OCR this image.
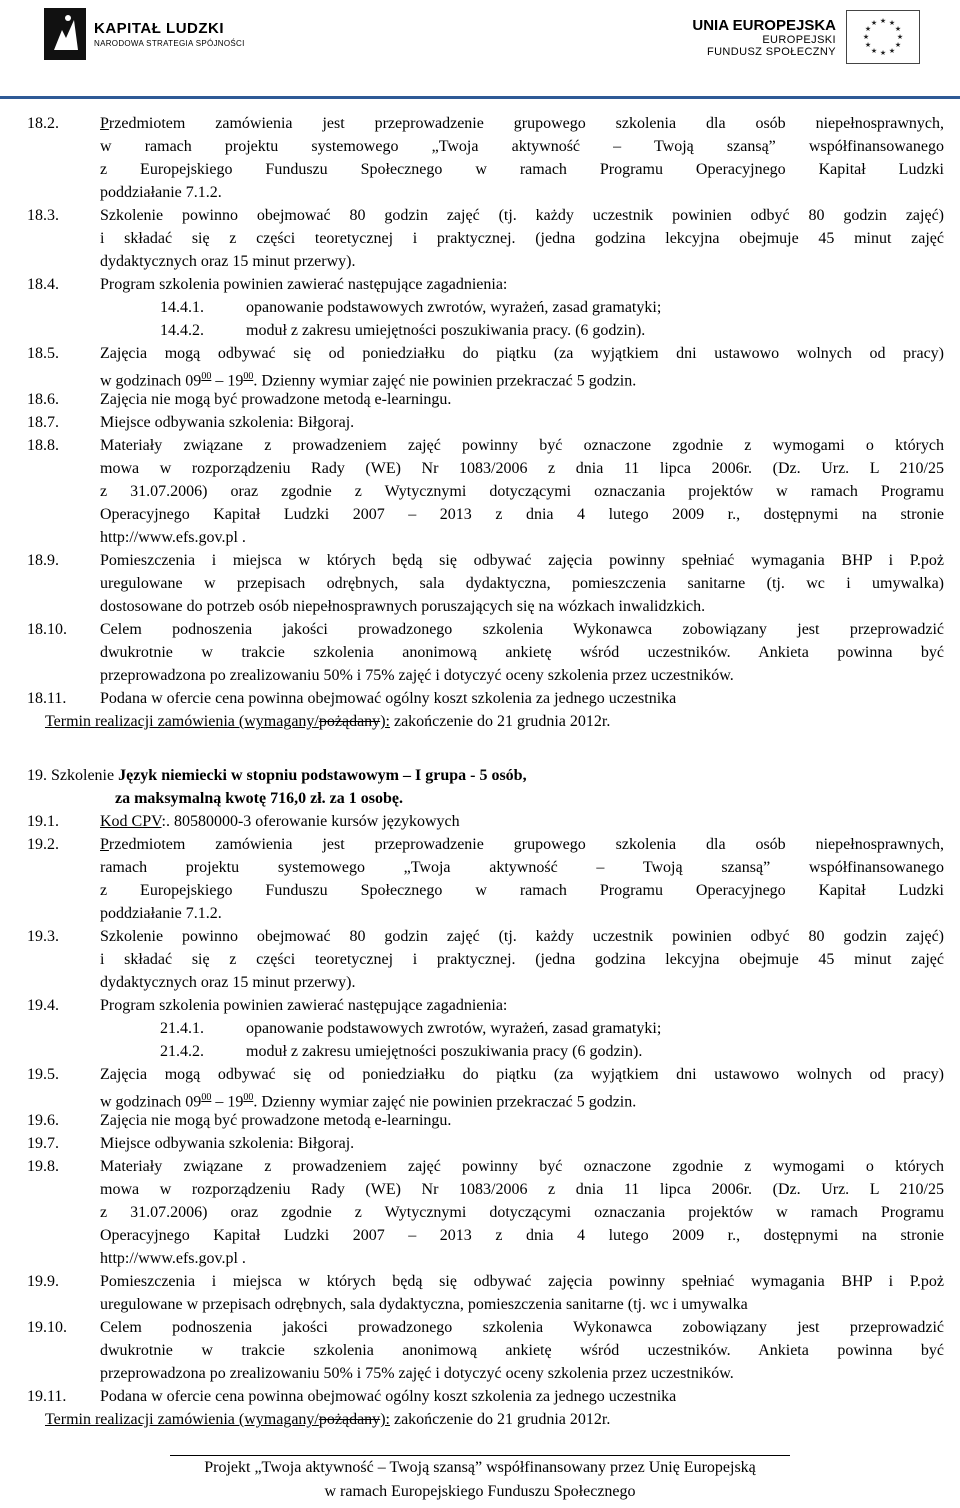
KAPITAŁ LUDZKI
NARODOWA STRATEGIA SPÓJNOŚCI
UNIA EUROPEJSKA
EUROPEJSKI
FUNDUSZ SPOŁECZNY
★ ★
★
★
★
★
★
★
★
★
★
★
18.2.	Przedmiotem zamówienia jest przeprowadzenie grupowego szkolenia dla osób niepełnosprawnych,
w ramach projektu systemowego „Twoja aktywność – Twoją szansą” współfinansowanego
z Europejskiego Funduszu Społecznego w ramach Programu Operacyjnego Kapitał Ludzki
poddziałanie 7.1.2.
18.3.	Szkolenie powinno obejmować 80 godzin zajęć (tj. każdy uczestnik powinien odbyć 80 godzin zajęć)
i składać się z części teoretycznej i praktycznej. (jedna godzina lekcyjna obejmuje 45 minut zajęć
dydaktycznych oraz 15 minut przerwy).
18.4.	Program szkolenia powinien zawierać następujące zagadnienia:
14.4.1.	opanowanie podstawowych zwrotów, wyrażeń, zasad gramatyki;
14.4.2.	moduł z zakresu umiejętności poszukiwania pracy. (6 godzin).
18.5.	Zajęcia mogą odbywać się od poniedziałku do piątku (za wyjątkiem dni ustawowo wolnych od pracy)
w godzinach $09^{00} - 19^{00}$. Dzienny wymiar zajęć nie powinien przekraczać 5 godzin.
18.6.	Zajęcia nie mogą być prowadzone metodą e-learningu.
18.7.	Miejsce odbywania szkolenia: Biłgoraj.
18.8.	Materiały związane z prowadzeniem zajęć powinny być oznaczone zgodnie z wymogami o których
mowa w rozporządzeniu Rady (WE) Nr 1083/2006 z dnia 11 lipca 2006r. (Dz. Urz. L 210/25
z 31.07.2006) oraz zgodnie z Wytycznymi dotyczącymi oznaczania projektów w ramach Programu
Operacyjnego Kapitał Ludzki 2007 – 2013 z dnia 4 lutego 2009 r., dostępnymi na stronie
http://www.efs.gov.pl .
18.9.	Pomieszczenia i miejsca w których będą się odbywać zajęcia powinny spełniać wymagania BHP i P.poż
uregulowane w przepisach odrębnych, sala dydaktyczna, pomieszczenia sanitarne (tj. wc i umywalka)
dostosowane do potrzeb osób niepełnosprawnych poruszających się na wózkach inwalidzkich.
18.10. Celem podnoszenia jakości prowadzonego szkolenia Wykonawca zobowiązany jest przeprowadzić
dwukrotnie w trakcie szkolenia anonimową ankietę wśród uczestników. Ankieta powinna być
przeprowadzona po zrealizowaniu 50% i 75% zajęć i dotyczyć oceny szkolenia przez uczestników.
18.11. Podana w ofercie cena powinna obejmować ogólny koszt szkolenia za jednego uczestnika
Termin realizacji zamówienia (wymagany/pożądany): zakończenie do 21 grudnia 2012r.
19. Szkolenie Język niemiecki w stopniu podstawowym – I grupa - 5 osób,
za maksymalną kwotę 716,0 zł. za 1 osobę.
19.1.	Kod CPV:. 80580000-3 oferowanie kursów językowych
19.2.	Przedmiotem zamówienia jest przeprowadzenie grupowego szkolenia dla osób niepełnosprawnych,
ramach projektu systemowego „Twoja aktywność – Twoją szansą” współfinansowanego
z Europejskiego Funduszu Społecznego w ramach Programu Operacyjnego Kapitał Ludzki
poddziałanie 7.1.2.
19.3.	Szkolenie powinno obejmować 80 godzin zajęć (tj. każdy uczestnik powinien odbyć 80 godzin zajęć)
i składać się z części teoretycznej i praktycznej. (jedna godzina lekcyjna obejmuje 45 minut zajęć
dydaktycznych oraz 15 minut przerwy).
19.4.	Program szkolenia powinien zawierać następujące zagadnienia:
21.4.1.	opanowanie podstawowych zwrotów, wyrażeń, zasad gramatyki;
21.4.2.	moduł z zakresu umiejętności poszukiwania pracy (6 godzin).
19.5.	Zajęcia mogą odbywać się od poniedziałku do piątku (za wyjątkiem dni ustawowo wolnych od pracy)
w godzinach $09^{00} - 19^{00}$. Dzienny wymiar zajęć nie powinien przekraczać 5 godzin.
19.6.	Zajęcia nie mogą być prowadzone metodą e-learningu.
19.7.	Miejsce odbywania szkolenia: Biłgoraj.
19.8.	Materiały związane z prowadzeniem zajęć powinny być oznaczone zgodnie z wymogami o których
mowa w rozporządzeniu Rady (WE) Nr 1083/2006 z dnia 11 lipca 2006r. (Dz. Urz. L 210/25
z 31.07.2006) oraz zgodnie z Wytycznymi dotyczącymi oznaczania projektów w ramach Programu
Operacyjnego Kapitał Ludzki 2007 – 2013 z dnia 4 lutego 2009 r., dostępnymi na stronie
http://www.efs.gov.pl .
19.9.	Pomieszczenia i miejsca w których będą się odbywać zajęcia powinny spełniać wymagania BHP i P.poż
uregulowane w przepisach odrębnych, sala dydaktyczna, pomieszczenia sanitarne (tj. wc i umywalka
19.10. Celem podnoszenia jakości prowadzonego szkolenia Wykonawca zobowiązany jest przeprowadzić
dwukrotnie w trakcie szkolenia anonimową ankietę wśród uczestników. Ankieta powinna być
przeprowadzona po zrealizowaniu 50% i 75% zajęć i dotyczyć oceny szkolenia przez uczestników.
19.11. Podana w ofercie cena powinna obejmować ogólny koszt szkolenia za jednego uczestnika
Termin realizacji zamówienia (wymagany/pożądany): zakończenie do 21 grudnia 2012r.
Projekt „Twoja aktywność – Twoją szansą” współfinansowany przez Unię Europejską
w ramach Europejskiego Funduszu Społecznego
